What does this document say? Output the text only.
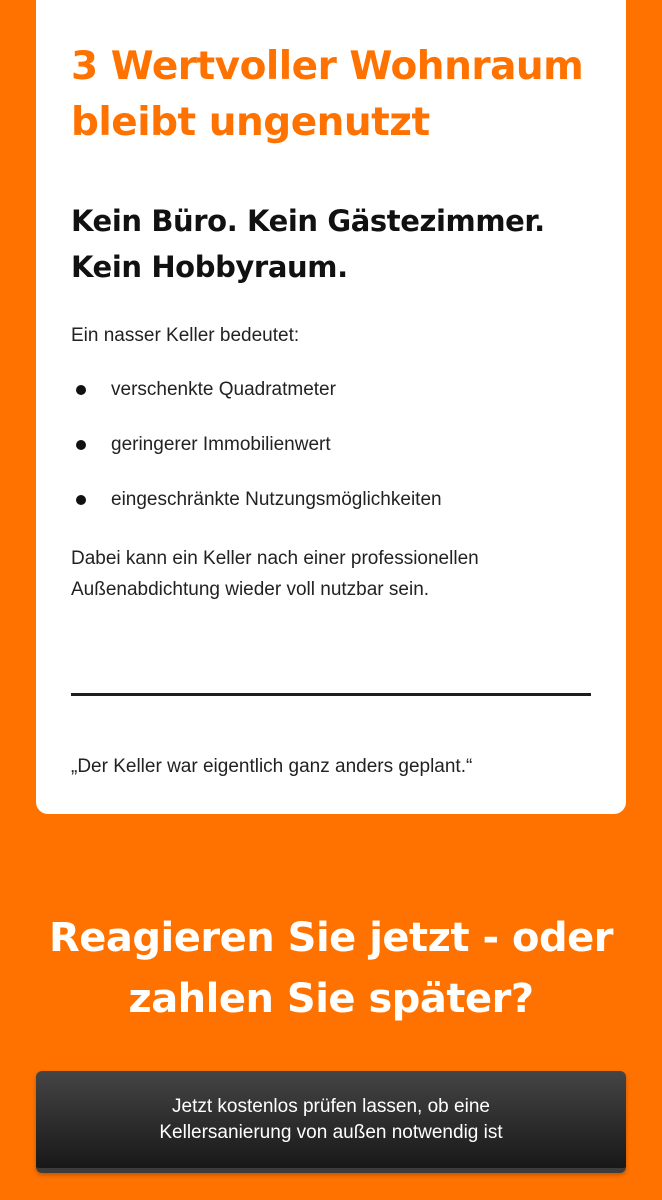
3 Wertvoller Wohnraum bleibt ungenutzt
Kein Büro. Kein Gästezimmer. Kein Hobbyraum.

Ein nasser Keller bedeutet:

verschenkte Quadratmeter
geringerer Immobilienwert
eingeschränkte Nutzungsmöglichkeiten

Dabei kann ein Keller nach einer professionellen Außenabdichtung wieder voll nutzbar sein.

„Der Keller war eigentlich ganz anders geplant.“

Reagieren Sie jetzt - oder zahlen Sie später?
Jetzt kostenlos prüfen lassen, ob eine Kellersanierung von außen notwendig ist
